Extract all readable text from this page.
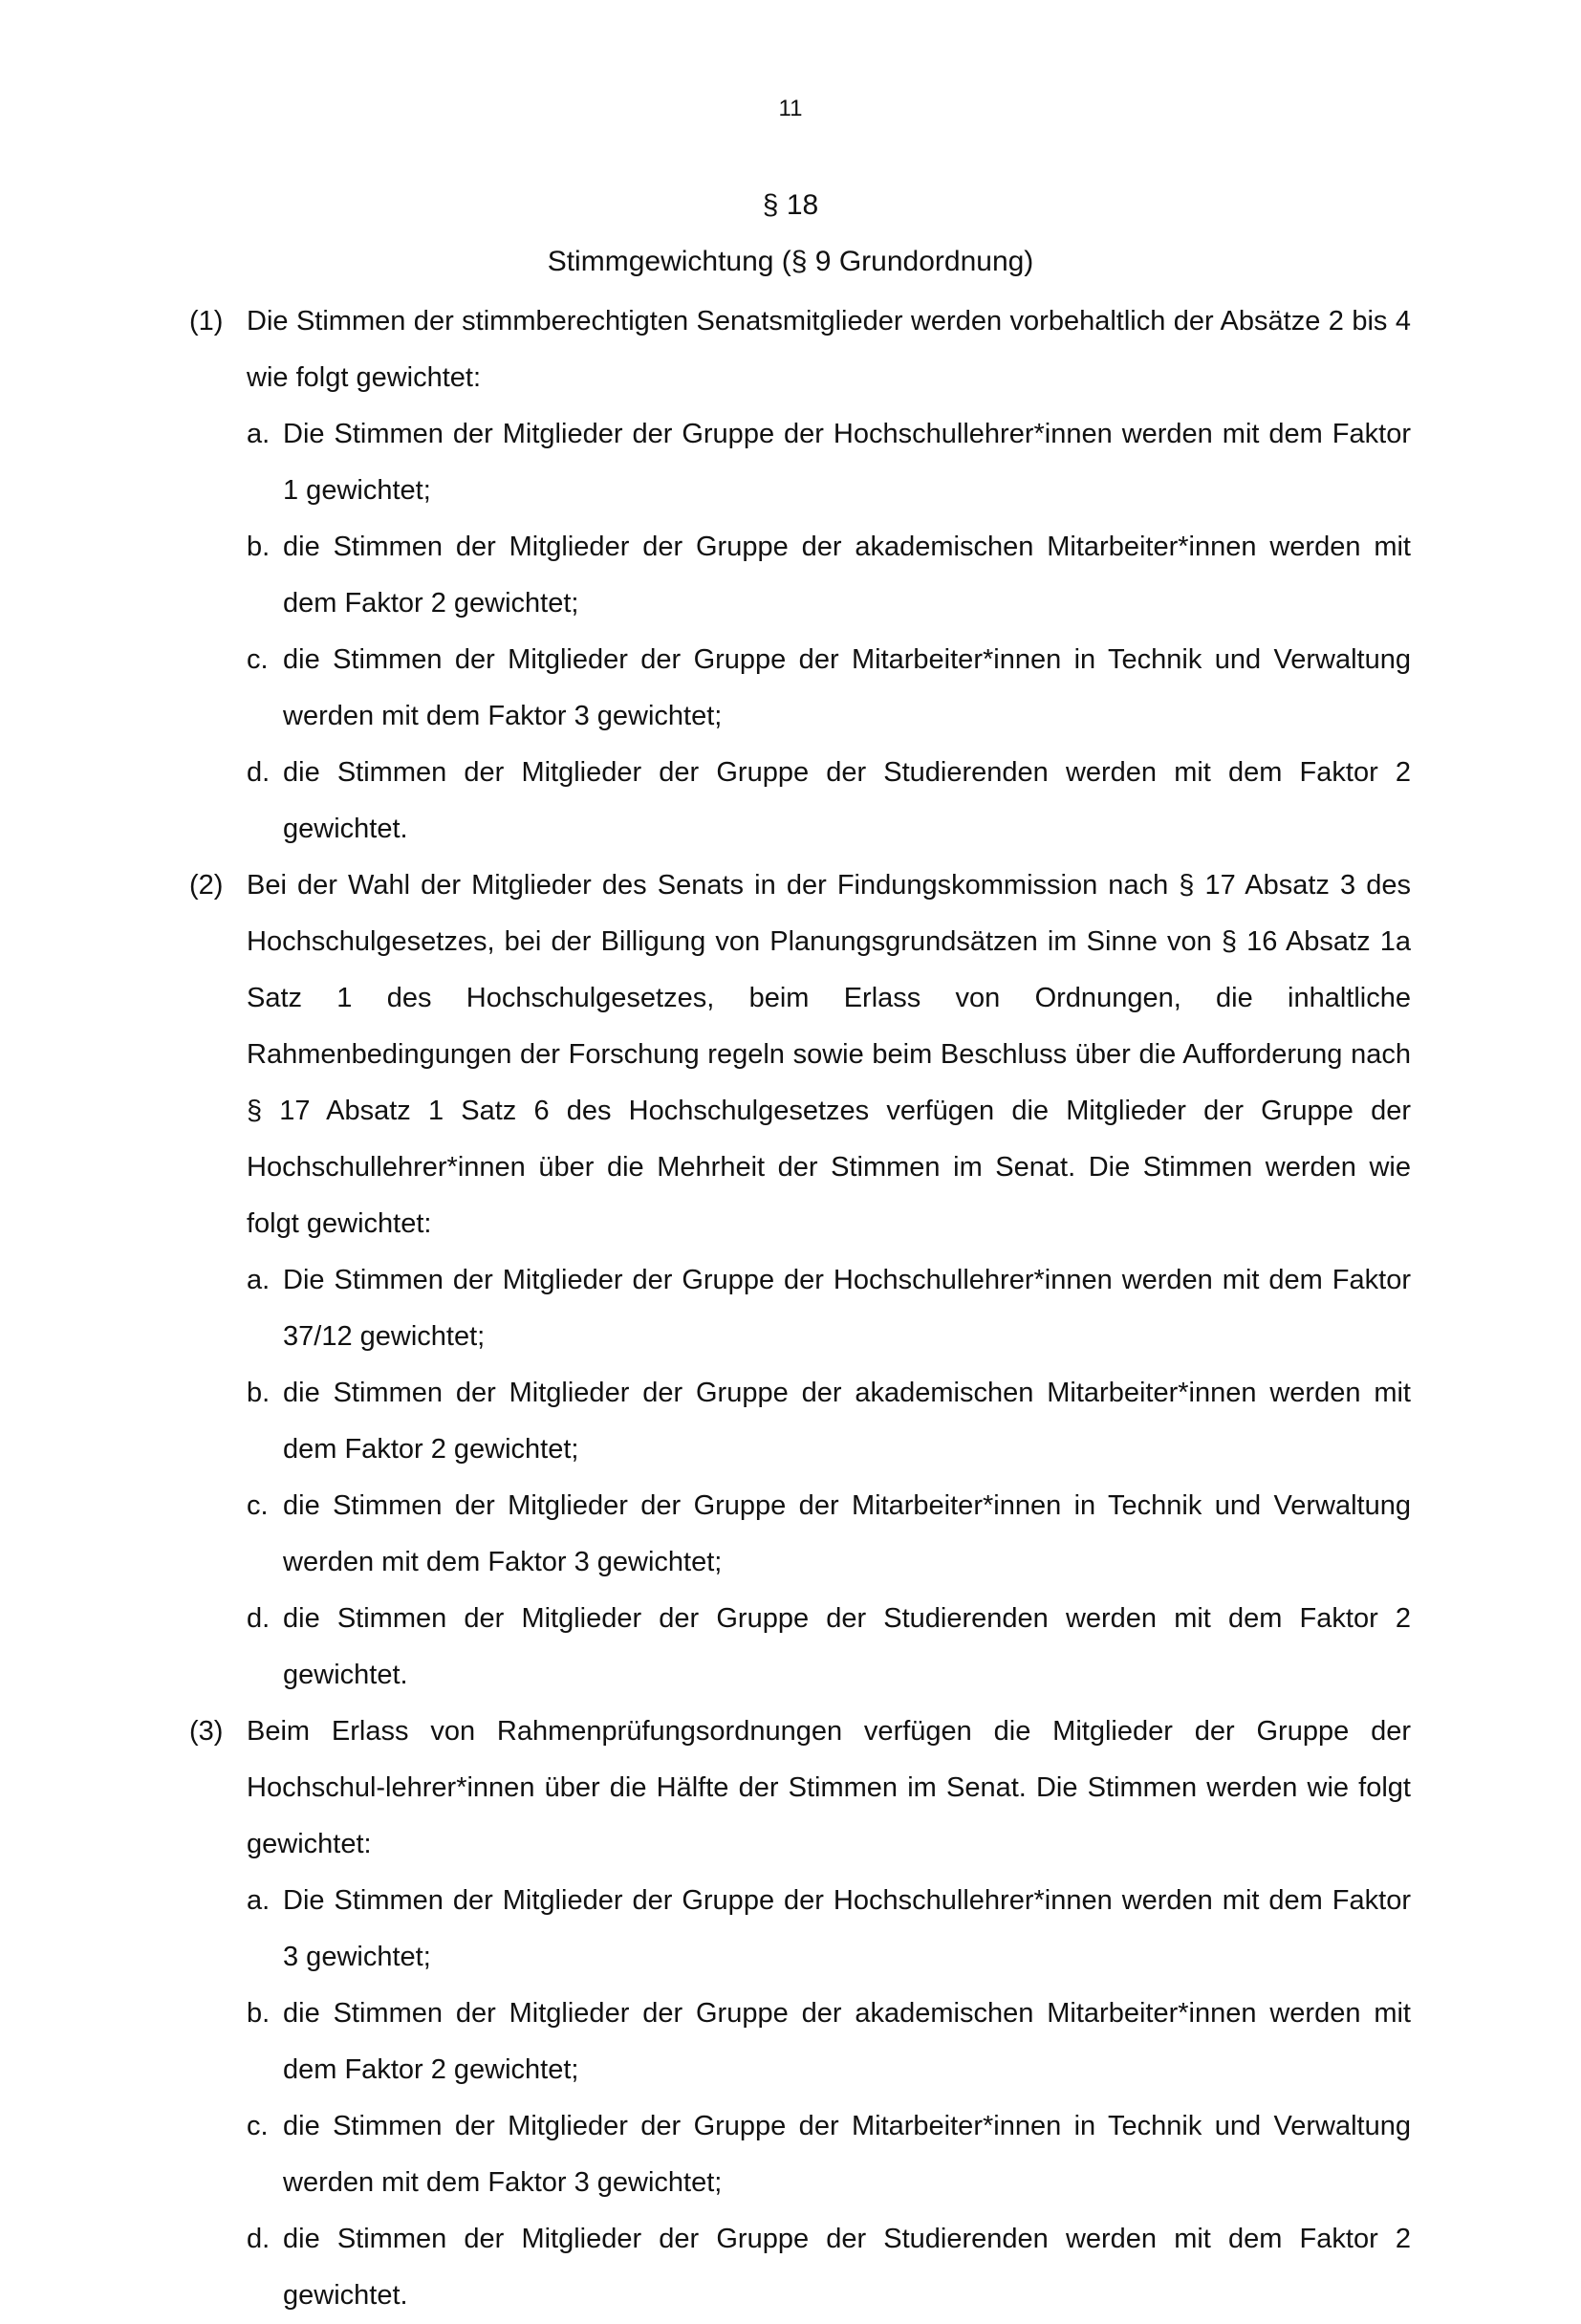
11
§ 18
Stimmgewichtung (§ 9 Grundordnung)
(1) Die Stimmen der stimmberechtigten Senatsmitglieder werden vorbehaltlich der Absätze 2 bis 4 wie folgt gewichtet:

a. Die Stimmen der Mitglieder der Gruppe der Hochschullehrer*innen werden mit dem Faktor 1 gewichtet;
b. die Stimmen der Mitglieder der Gruppe der akademischen Mitarbeiter*innen werden mit dem Faktor 2 gewichtet;
c. die Stimmen der Mitglieder der Gruppe der Mitarbeiter*innen in Technik und Verwaltung werden mit dem Faktor 3 gewichtet;
d. die Stimmen der Mitglieder der Gruppe der Studierenden werden mit dem Faktor 2 gewichtet.
(2) Bei der Wahl der Mitglieder des Senats in der Findungskommission nach § 17 Absatz 3 des Hochschulgesetzes, bei der Billigung von Planungsgrundsätzen im Sinne von § 16 Absatz 1a Satz 1 des Hochschulgesetzes, beim Erlass von Ordnungen, die inhaltliche Rahmenbedingungen der Forschung regeln sowie beim Beschluss über die Aufforderung nach § 17 Absatz 1 Satz 6 des Hochschulgesetzes verfügen die Mitglieder der Gruppe der Hochschullehrer*innen über die Mehrheit der Stimmen im Senat. Die Stimmen werden wie folgt gewichtet:

a. Die Stimmen der Mitglieder der Gruppe der Hochschullehrer*innen werden mit dem Faktor 37/12 gewichtet;
b. die Stimmen der Mitglieder der Gruppe der akademischen Mitarbeiter*innen werden mit dem Faktor 2 gewichtet;
c. die Stimmen der Mitglieder der Gruppe der Mitarbeiter*innen in Technik und Verwaltung werden mit dem Faktor 3 gewichtet;
d. die Stimmen der Mitglieder der Gruppe der Studierenden werden mit dem Faktor 2 gewichtet.
(3) Beim Erlass von Rahmenprüfungsordnungen verfügen die Mitglieder der Gruppe der Hochschul-lehrer*innen über die Hälfte der Stimmen im Senat. Die Stimmen werden wie folgt gewichtet:

a. Die Stimmen der Mitglieder der Gruppe der Hochschullehrer*innen werden mit dem Faktor 3 gewichtet;
b. die Stimmen der Mitglieder der Gruppe der akademischen Mitarbeiter*innen werden mit dem Faktor 2 gewichtet;
c. die Stimmen der Mitglieder der Gruppe der Mitarbeiter*innen in Technik und Verwaltung werden mit dem Faktor 3 gewichtet;
d. die Stimmen der Mitglieder der Gruppe der Studierenden werden mit dem Faktor 2 gewichtet.
